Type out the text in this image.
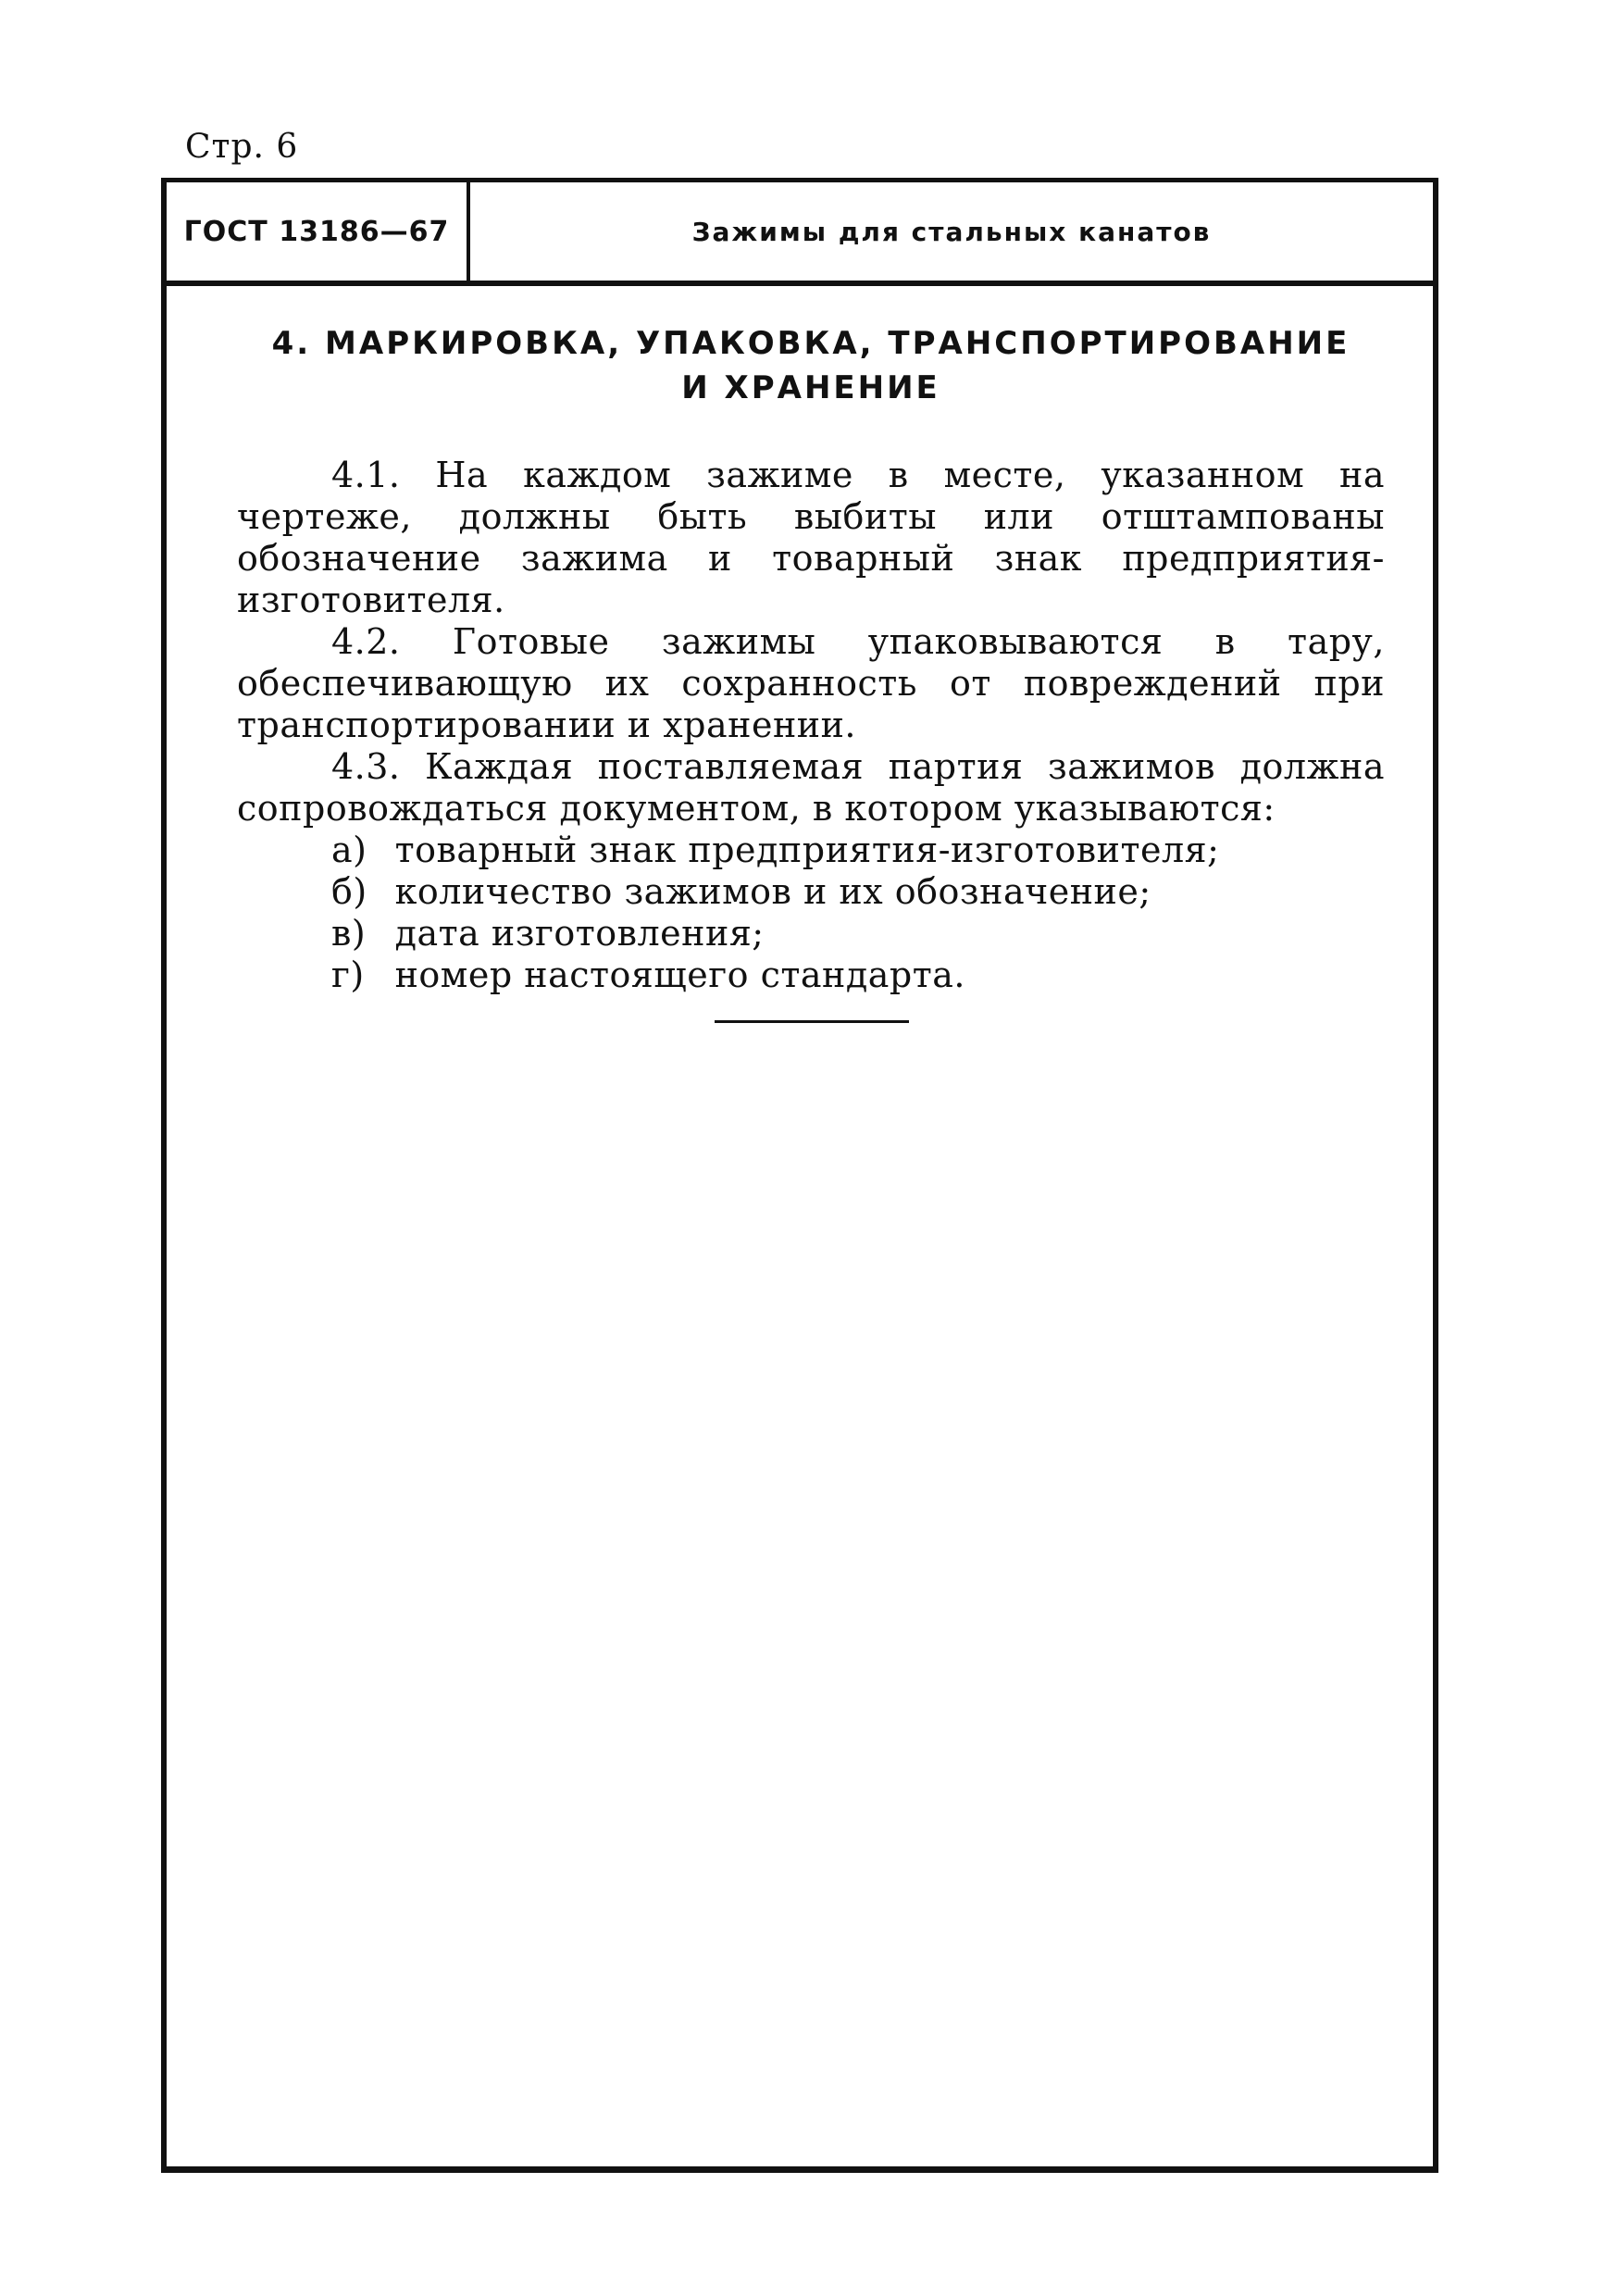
Стр. 6
ГОСТ 13186—67	Зажимы для стальных канатов
4. МАРКИРОВКА, УПАКОВКА, ТРАНСПОРТИРОВАНИЕ
И ХРАНЕНИЕ

4.1. На каждом зажиме в месте, указанном на чертеже, должны быть выбиты или отштампованы обозначение зажима и товарный знак предприятия-изготовителя.

4.2. Готовые зажимы упаковываются в тару, обеспечивающую их сохранность от повреждений при транспортировании и хранении.

4.3. Каждая поставляемая партия зажимов должна сопровождаться документом, в котором указываются:

а) товарный знак предприятия-изготовителя;
б) количество зажимов и их обозначение;
в) дата изготовления;
г) номер настоящего стандарта.
